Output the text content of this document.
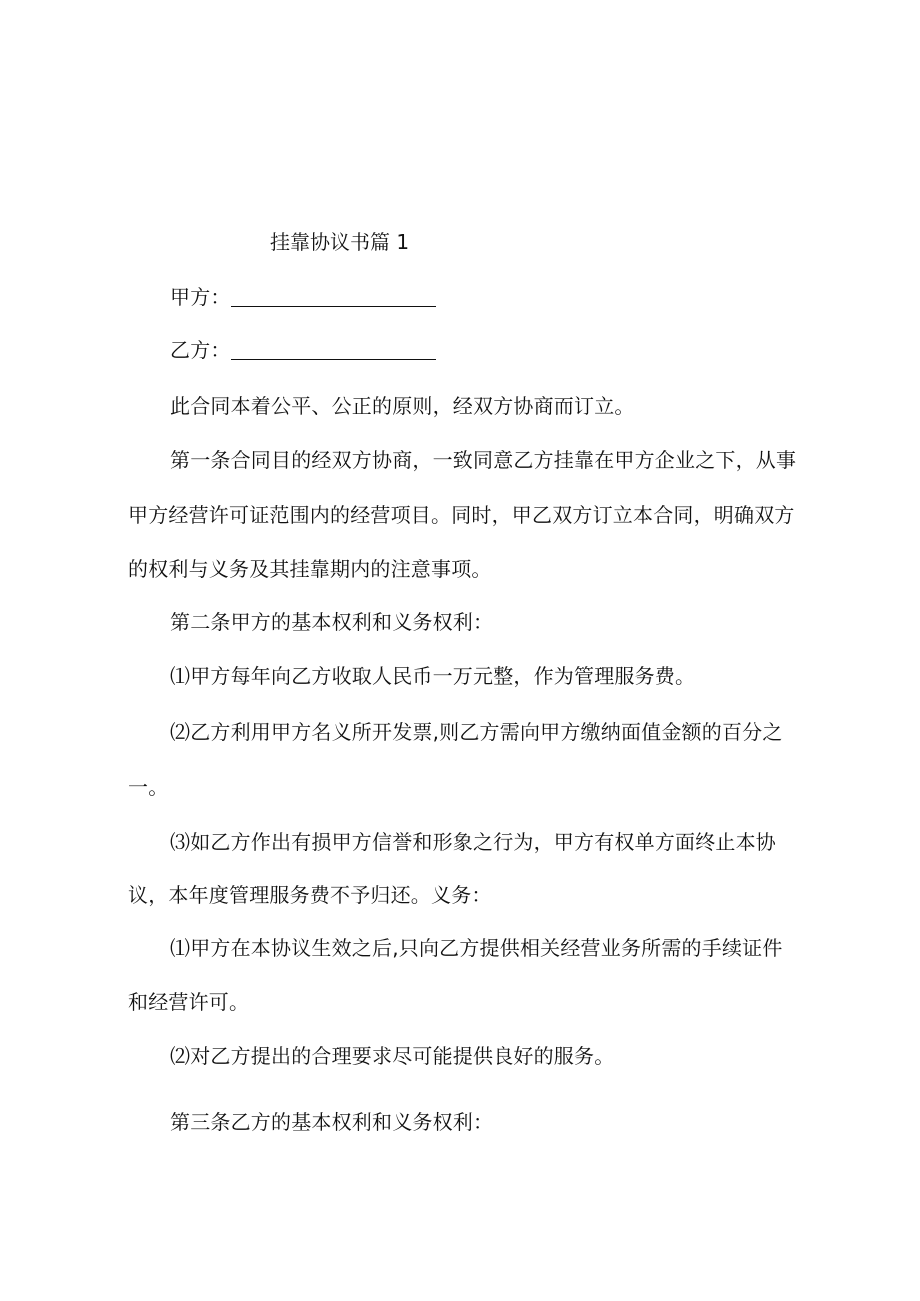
挂靠协议书篇 1
甲方：
乙方：
此合同本着公平、公正的原则，经双方协商而订立。
第一条合同目的经双方协商，一致同意乙方挂靠在甲方企业之下，从事
甲方经营许可证范围内的经营项目。同时，甲乙双方订立本合同，明确双方
的权利与义务及其挂靠期内的注意事项。
第二条甲方的基本权利和义务权利：
⑴甲方每年向乙方收取人民币一万元整，作为管理服务费。
⑵乙方利用甲方名义所开发票,则乙方需向甲方缴纳面值金额的百分之
一。
⑶如乙方作出有损甲方信誉和形象之行为，甲方有权单方面终止本协
议，本年度管理服务费不予归还。义务：
⑴甲方在本协议生效之后,只向乙方提供相关经营业务所需的手续证件
和经营许可。
⑵对乙方提出的合理要求尽可能提供良好的服务。
第三条乙方的基本权利和义务权利：
